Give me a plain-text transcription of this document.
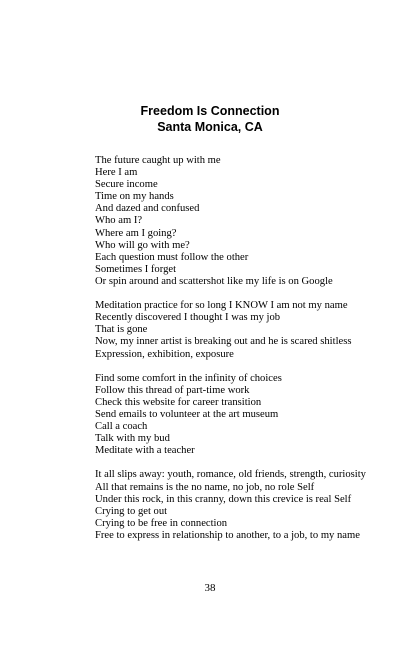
Freedom Is Connection
Santa Monica, CA
The future caught up with me
Here I am
Secure income
Time on my hands
And dazed and confused
Who am I?
Where am I going?
Who will go with me?
Each question must follow the other
Sometimes I forget
Or spin around and scattershot like my life is on Google
Meditation practice for so long I KNOW I am not my name
Recently discovered I thought I was my job
That is gone
Now, my inner artist is breaking out and he is scared shitless
Expression, exhibition, exposure
Find some comfort in the infinity of choices
Follow this thread of part-time work
Check this website for career transition
Send emails to volunteer at the art museum
Call a coach
Talk with my bud
Meditate with a teacher
It all slips away: youth, romance, old friends, strength, curiosity
All that remains is the no name, no job, no role Self
Under this rock, in this cranny, down this crevice is real Self
Crying to get out
Crying to be free in connection
Free to express in relationship to another, to a job, to my name
38
